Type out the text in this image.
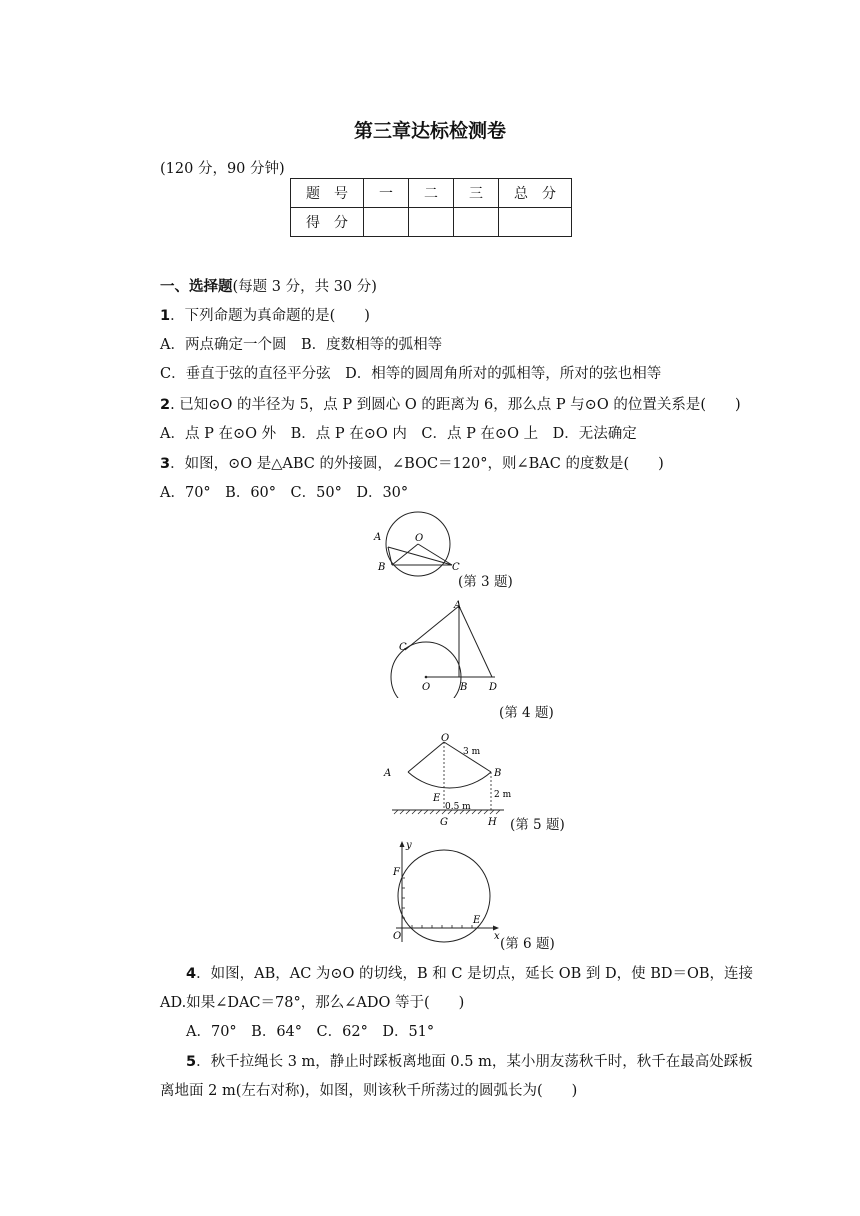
第三章达标检测卷
(120 分，90 分钟)
题　号	一	二	三	总　分
得　分				
一、选择题(每题 3 分，共 30 分)
1．下列命题为真命题的是(　　)
A．两点确定一个圆　B．度数相等的弧相等
C．垂直于弦的直径平分弦　D．相等的圆周角所对的弧相等，所对的弦也相等
2. 已知⊙O 的半径为 5，点 P 到圆心 O 的距离为 6，那么点 P 与⊙O 的位置关系是(　　)
A．点 P 在⊙O 外　B．点 P 在⊙O 内　C．点 P 在⊙O 上　D．无法确定
3．如图，⊙O 是△ABC 的外接圆，∠BOC＝120°，则∠BAC 的度数是(　　)
A．70°　B．60°　C．50°　D．30°
A
B	C
O
(第 3 题)
A
C
O	B D
(第 4 题)
O
3 m
A	B
E	2 m
0.5 m
G	H (第 5 题)
y
x
O
F
E
(第 6 题)
4．如图，AB，AC 为⊙O 的切线，B 和 C 是切点，延长 OB 到 D，使 BD＝OB，连接
AD.如果∠DAC＝78°，那么∠ADO 等于(　　)
A．70°　B．64°　C．62°　D．51°
5．秋千拉绳长 3 m，静止时踩板离地面 0.5 m，某小朋友荡秋千时，秋千在最高处踩板
离地面 2 m(左右对称)，如图，则该秋千所荡过的圆弧长为(　　)
